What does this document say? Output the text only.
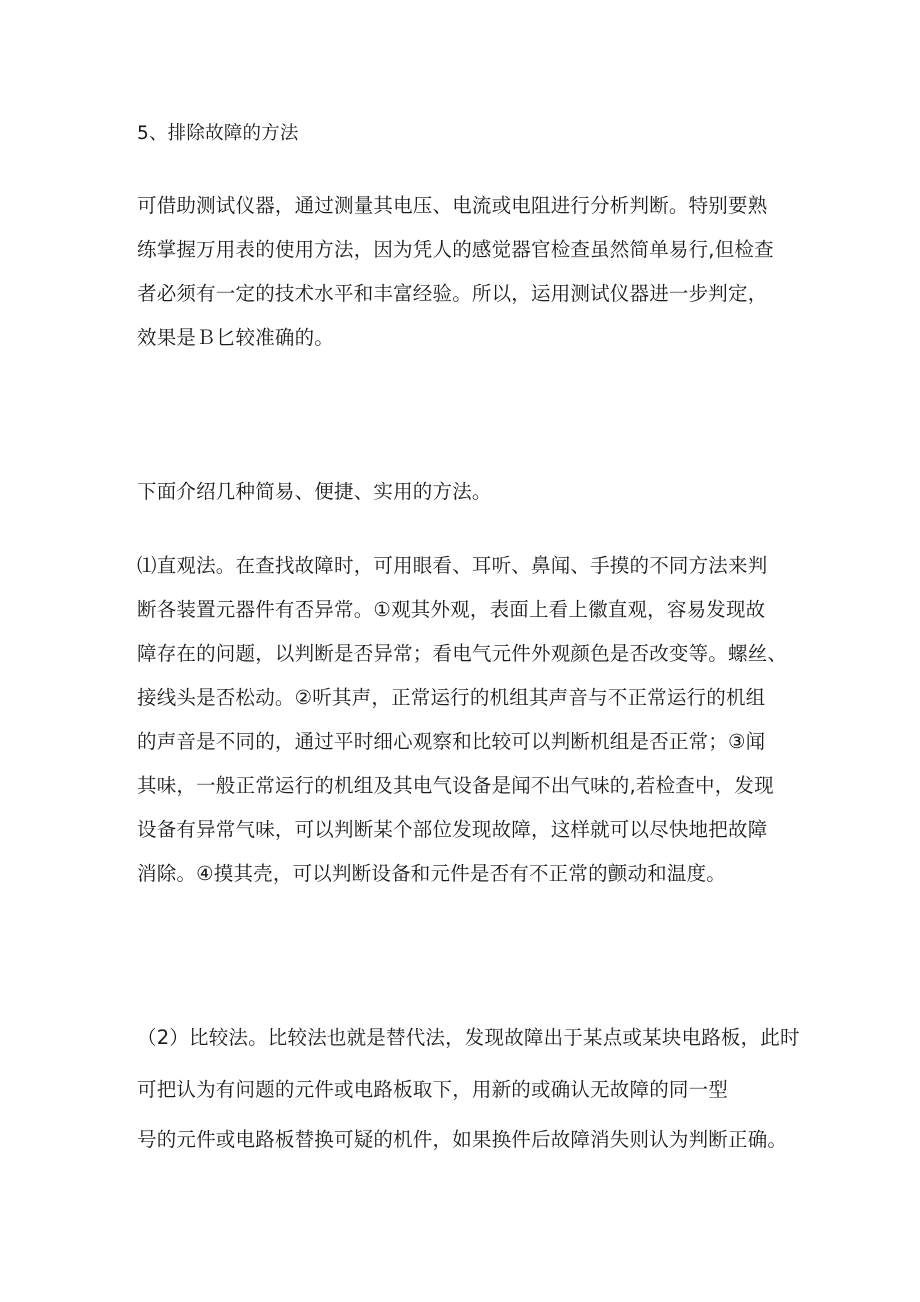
5、排除故障的方法
可借助测试仪器，通过测量其电压、电流或电阻进行分析判断。特别要熟
练掌握万用表的使用方法，因为凭人的感觉器官检查虽然简单易行,但检查
者必须有一定的技术水平和丰富经验。所以，运用测试仪器进一步判定，
效果是Ｂ匕较准确的。
下面介绍几种简易、便捷、实用的方法。
⑴直观法。在查找故障时，可用眼看、耳听、鼻闻、手摸的不同方法来判
断各装置元器件有否异常。①观其外观，表面上看上徽直观，容易发现故
障存在的问题，以判断是否异常；看电气元件外观颜色是否改变等。螺丝、
接线头是否松动。②听其声，正常运行的机组其声音与不正常运行的机组
的声音是不同的，通过平时细心观察和比较可以判断机组是否正常；③闻
其味，一般正常运行的机组及其电气设备是闻不出气味的,若检查中，发现
设备有异常气味，可以判断某个部位发现故障，这样就可以尽快地把故障
消除。④摸其壳，可以判断设备和元件是否有不正常的颤动和温度。
（2）比较法。比较法也就是替代法，发现故障出于某点或某块电路板，此时
可把认为有问题的元件或电路板取下，用新的或确认无故障的同一型
号的元件或电路板替换可疑的机件，如果换件后故障消失则认为判断正确。
